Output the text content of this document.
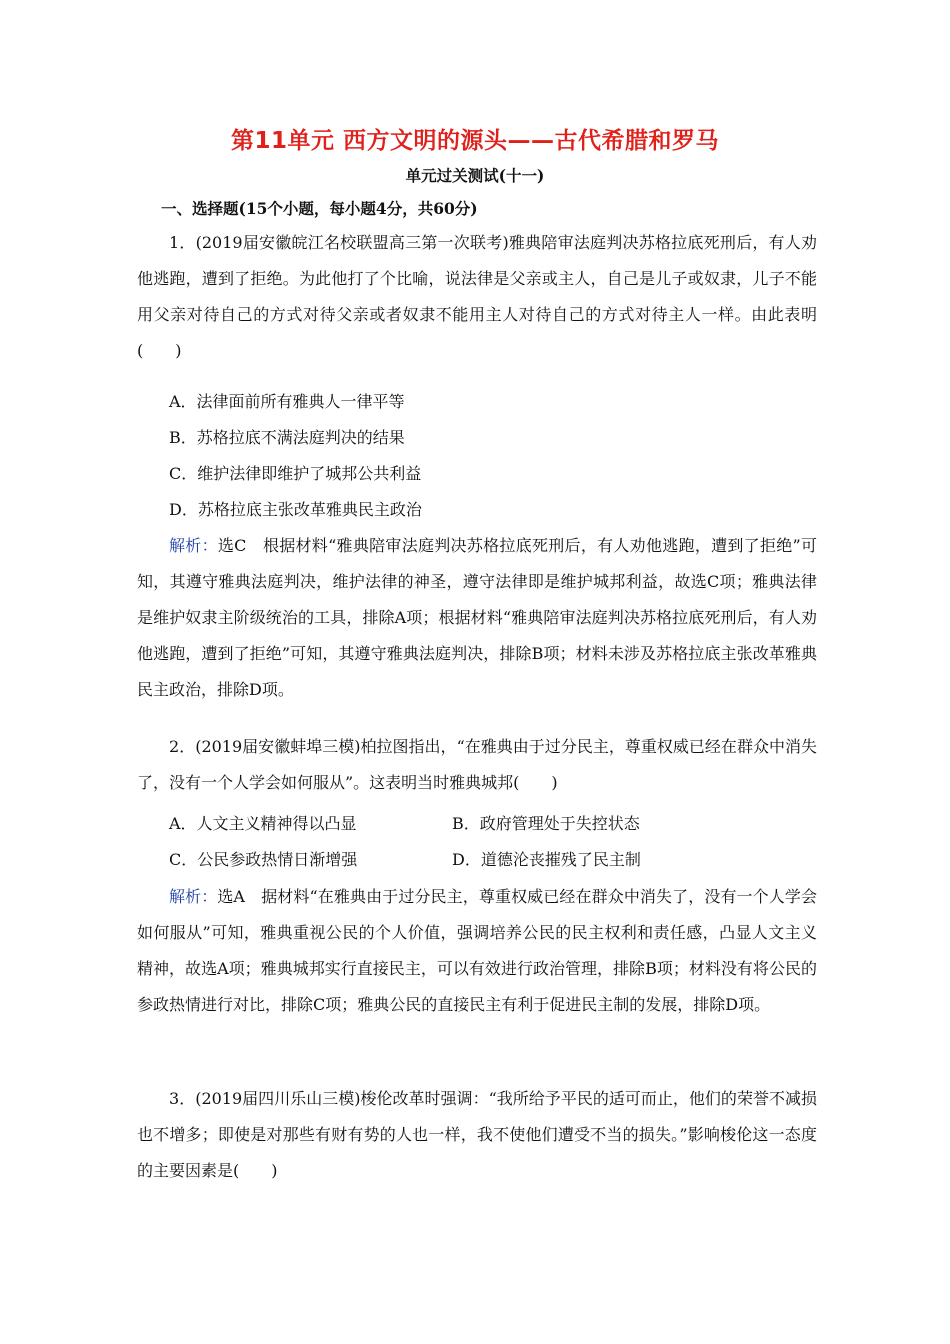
第11单元 西方文明的源头——古代希腊和罗马
单元过关测试(十一)
一、选择题(15个小题，每小题4分，共60分)

1．(2019届安徽皖江名校联盟高三第一次联考)雅典陪审法庭判决苏格拉底死刑后，有人劝他逃跑，遭到了拒绝。为此他打了个比喻，说法律是父亲或主人，自己是儿子或奴隶，儿子不能用父亲对待自己的方式对待父亲或者奴隶不能用主人对待自己的方式对待主人一样。由此表明(　　)

A．法律面前所有雅典人一律平等
B．苏格拉底不满法庭判决的结果
C．维护法律即维护了城邦公共利益
D．苏格拉底主张改革雅典民主政治

解析：选C　根据材料“雅典陪审法庭判决苏格拉底死刑后，有人劝他逃跑，遭到了拒绝”可知，其遵守雅典法庭判决，维护法律的神圣，遵守法律即是维护城邦利益，故选C项；雅典法律是维护奴隶主阶级统治的工具，排除A项；根据材料“雅典陪审法庭判决苏格拉底死刑后，有人劝他逃跑，遭到了拒绝”可知，其遵守雅典法庭判决，排除B项；材料未涉及苏格拉底主张改革雅典民主政治，排除D项。

2．(2019届安徽蚌埠三模)柏拉图指出，“在雅典由于过分民主，尊重权威已经在群众中消失了，没有一个人学会如何服从”。这表明当时雅典城邦(　　)

A．人文主义精神得以凸显	B．政府管理处于失控状态
C．公民参政热情日渐增强	D．道德沦丧摧残了民主制

解析：选A　据材料“在雅典由于过分民主，尊重权威已经在群众中消失了，没有一个人学会如何服从”可知，雅典重视公民的个人价值，强调培养公民的民主权利和责任感，凸显人文主义精神，故选A项；雅典城邦实行直接民主，可以有效进行政治管理，排除B项；材料没有将公民的参政热情进行对比，排除C项；雅典公民的直接民主有利于促进民主制的发展，排除D项。

3．(2019届四川乐山三模)梭伦改革时强调：“我所给予平民的适可而止，他们的荣誉不减损也不增多；即使是对那些有财有势的人也一样，我不使他们遭受不当的损失。”影响梭伦这一态度的主要因素是(　　)
